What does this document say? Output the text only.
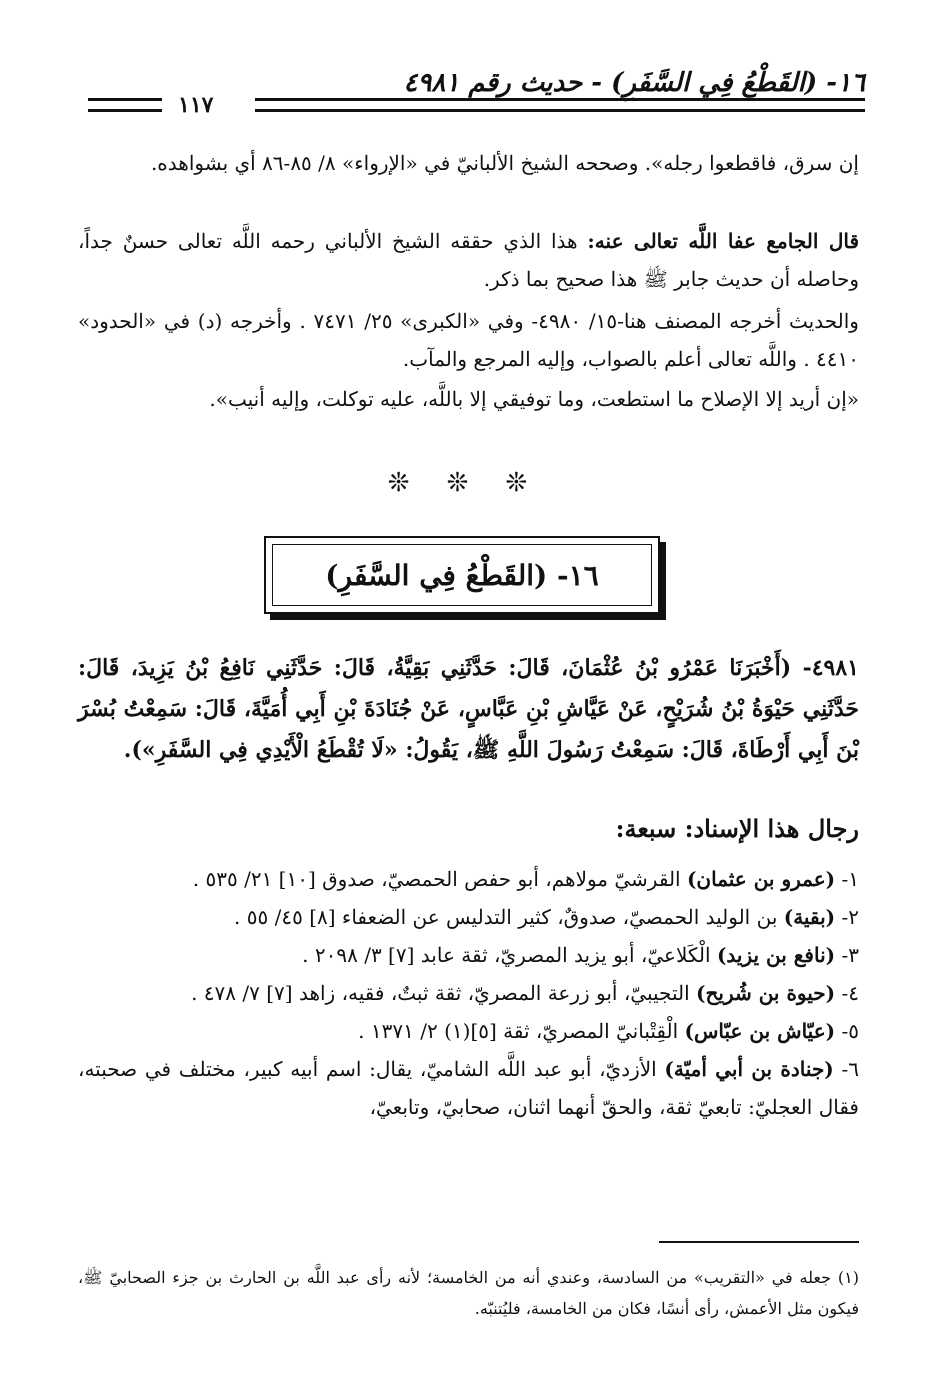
١٦- (القَطْعُ فِي السَّفَرِ) - حديث رقم ٤٩٨١
١١٧
إن سرق، فاقطعوا رجله». وصححه الشيخ الألبانيّ في «الإرواء» ٨/ ٨٥-٨٦ أي بشواهده.
قال الجامع عفا اللَّه تعالى عنه: هذا الذي حققه الشيخ الألباني رحمه اللَّه تعالى حسنٌ جداً، وحاصله أن حديث جابر ﷺ هذا صحيح بما ذكر.
والحديث أخرجه المصنف هنا-١٥/ ٤٩٨٠- وفي «الكبرى» ٢٥/ ٧٤٧١ . وأخرجه (د) في «الحدود» ٤٤١٠ . واللَّه تعالى أعلم بالصواب، وإليه المرجع والمآب.
«إن أريد إلا الإصلاح ما استطعت، وما توفيقي إلا باللَّه، عليه توكلت، وإليه أنيب».
❊ ❊ ❊
١٦- (القَطْعُ فِي السَّفَرِ)
٤٩٨١- (أَخْبَرَنَا عَمْرُو بْنُ عُثْمَانَ، قَالَ: حَدَّثَنِي بَقِيَّةُ، قَالَ: حَدَّثَنِي نَافِعُ بْنُ يَزِيدَ، قَالَ: حَدَّثَنِي حَيْوَةُ بْنُ شُرَيْحٍ، عَنْ عَيَّاشِ بْنِ عَبَّاسٍ، عَنْ جُنَادَةَ بْنِ أَبِي أُمَيَّةَ، قَالَ: سَمِعْتُ بُسْرَ بْنَ أَبِي أَرْطَاةَ، قَالَ: سَمِعْتُ رَسُولَ اللَّهِ ﷺ، يَقُولُ: «لَا تُقْطَعُ الْأَيْدِي فِي السَّفَرِ»).
رجال هذا الإسناد: سبعة:
١- (عمرو بن عثمان) القرشيّ مولاهم، أبو حفص الحمصيّ، صدوق [١٠] ٢١/ ٥٣٥ .
٢- (بقية) بن الوليد الحمصيّ، صدوقٌ، كثير التدليس عن الضعفاء [٨] ٤٥/ ٥٥ .
٣- (نافع بن يزيد) الْكَلاعيّ، أبو يزيد المصريّ، ثقة عابد [٧] ٣/ ٢٠٩٨ .
٤- (حيوة بن شُريح) التجيبيّ، أبو زرعة المصريّ، ثقة ثبتٌ، فقيه، زاهد [٧] ٧/ ٤٧٨ .
٥- (عيّاش بن عبّاس) الْقِتْبانيّ المصريّ، ثقة [٥](١) ٢/ ١٣٧١ .
٦- (جنادة بن أبي أميّة) الأزديّ، أبو عبد اللَّه الشاميّ، يقال: اسم أبيه كبير، مختلف في صحبته، فقال العجليّ: تابعيّ ثقة، والحقّ أنهما اثنان، صحابيّ، وتابعيّ،
(١) جعله في «التقريب» من السادسة، وعندي أنه من الخامسة؛ لأنه رأى عبد اللَّه بن الحارث بن جزء الصحابيّ ﷺ، فيكون مثل الأعمش، رأى أنسًا، فكان من الخامسة، فليُتنبّه.
